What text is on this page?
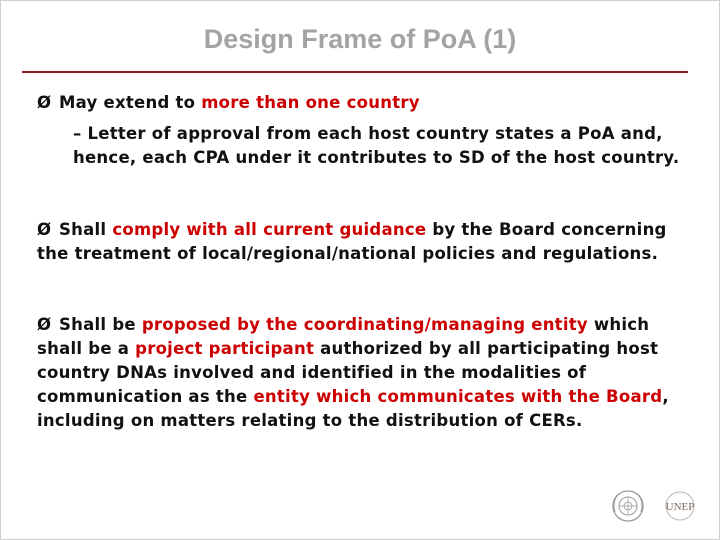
Design Frame of PoA (1)

Ø May extend to more than one country

– Letter of approval from each host country states a PoA and, hence, each CPA under it contributes to SD of the host country.

Ø Shall comply with all current guidance by the Board concerning the treatment of local/regional/national policies and regulations.

Ø Shall be proposed by the coordinating/managing entity which shall be a project participant authorized by all participating host country DNAs involved and identified in the modalities of communication as the entity which communicates with the Board, including on matters relating to the distribution of CERs.

UNEP
